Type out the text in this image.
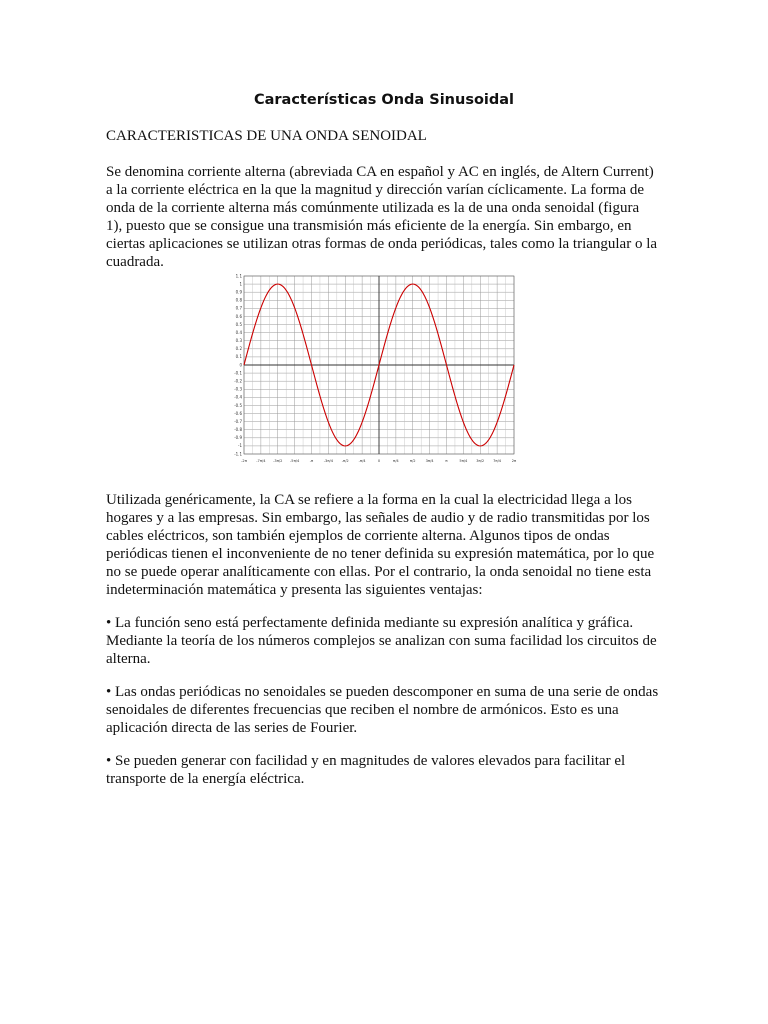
Características Onda Sinusoidal
CARACTERISTICAS DE UNA ONDA SENOIDAL
Se denomina corriente alterna (abreviada CA en español y AC en inglés, de Altern Current)
a la corriente eléctrica en la que la magnitud y dirección varían cíclicamente. La forma de
onda de la corriente alterna más comúnmente utilizada es la de una onda senoidal (figura
1), puesto que se consigue una transmisión más eficiente de la energía. Sin embargo, en
ciertas aplicaciones se utilizan otras formas de onda periódicas, tales como la triangular o la
cuadrada.
1.1
1
0.9
0.8
0.7
0.6
0.5
0.4
0.3
0.2
0.1
0
-0.1
-0.2
-0.3
-0.4
-0.5
-0.6
-0.7
-0.8
-0.9
-1
-1.1
-2π	-7π/4 -3π/2 -5π/4	-π	-3π/4 -π/2	-π/4	0	π/4	π/2	3π/4	π	5π/4 3π/2 7π/4	2π
Utilizada genéricamente, la CA se refiere a la forma en la cual la electricidad llega a los
hogares y a las empresas. Sin embargo, las señales de audio y de radio transmitidas por los
cables eléctricos, son también ejemplos de corriente alterna. Algunos tipos de ondas
periódicas tienen el inconveniente de no tener definida su expresión matemática, por lo que
no se puede operar analíticamente con ellas. Por el contrario, la onda senoidal no tiene esta
indeterminación matemática y presenta las siguientes ventajas:
• La función seno está perfectamente definida mediante su expresión analítica y gráfica.
Mediante la teoría de los números complejos se analizan con suma facilidad los circuitos de
alterna.
• Las ondas periódicas no senoidales se pueden descomponer en suma de una serie de ondas
senoidales de diferentes frecuencias que reciben el nombre de armónicos. Esto es una
aplicación directa de las series de Fourier.
• Se pueden generar con facilidad y en magnitudes de valores elevados para facilitar el
transporte de la energía eléctrica.
